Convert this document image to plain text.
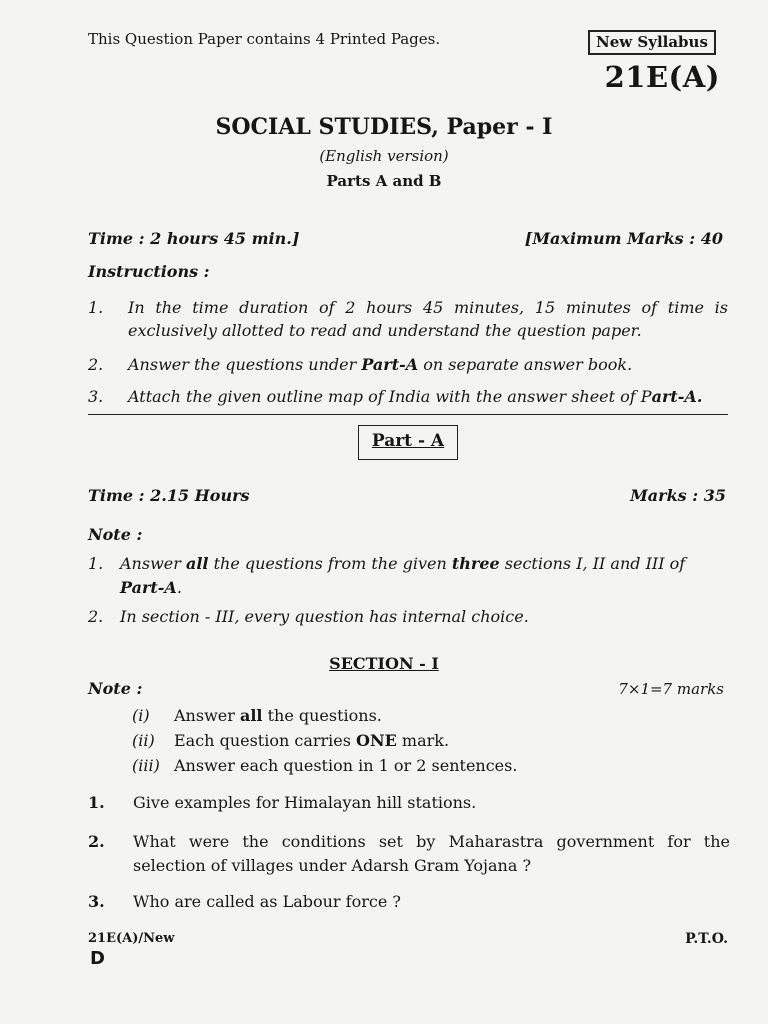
This Question Paper contains 4 Printed Pages.	New Syllabus
21E(A)
SOCIAL STUDIES, Paper - I
(English version)
Parts A and B
Time : 2 hours 45 min.]	[Maximum Marks : 40
Instructions :
1.	In the time duration of 2 hours 45 minutes, 15 minutes of time is exclusively allotted to read and understand the question paper.
2.	Answer the questions under Part-A on separate answer book.
3.	Attach the given outline map of India with the answer sheet of Part-A.
Part - A
Time : 2.15 Hours	Marks : 35
Note :
1. Answer all the questions from the given three sections I, II and III of Part-A.
2. In section - III, every question has internal choice.
SECTION - I
Note :	7×1=7 marks
(i) Answer all the questions.
(ii) Each question carries ONE mark.
(iii) Answer each question in 1 or 2 sentences.
1. Give examples for Himalayan hill stations.
2. What were the conditions set by Maharastra government for the selection of villages under Adarsh Gram Yojana ?
3. Who are called as Labour force ?
21E(A)/New
D
P.T.O.
